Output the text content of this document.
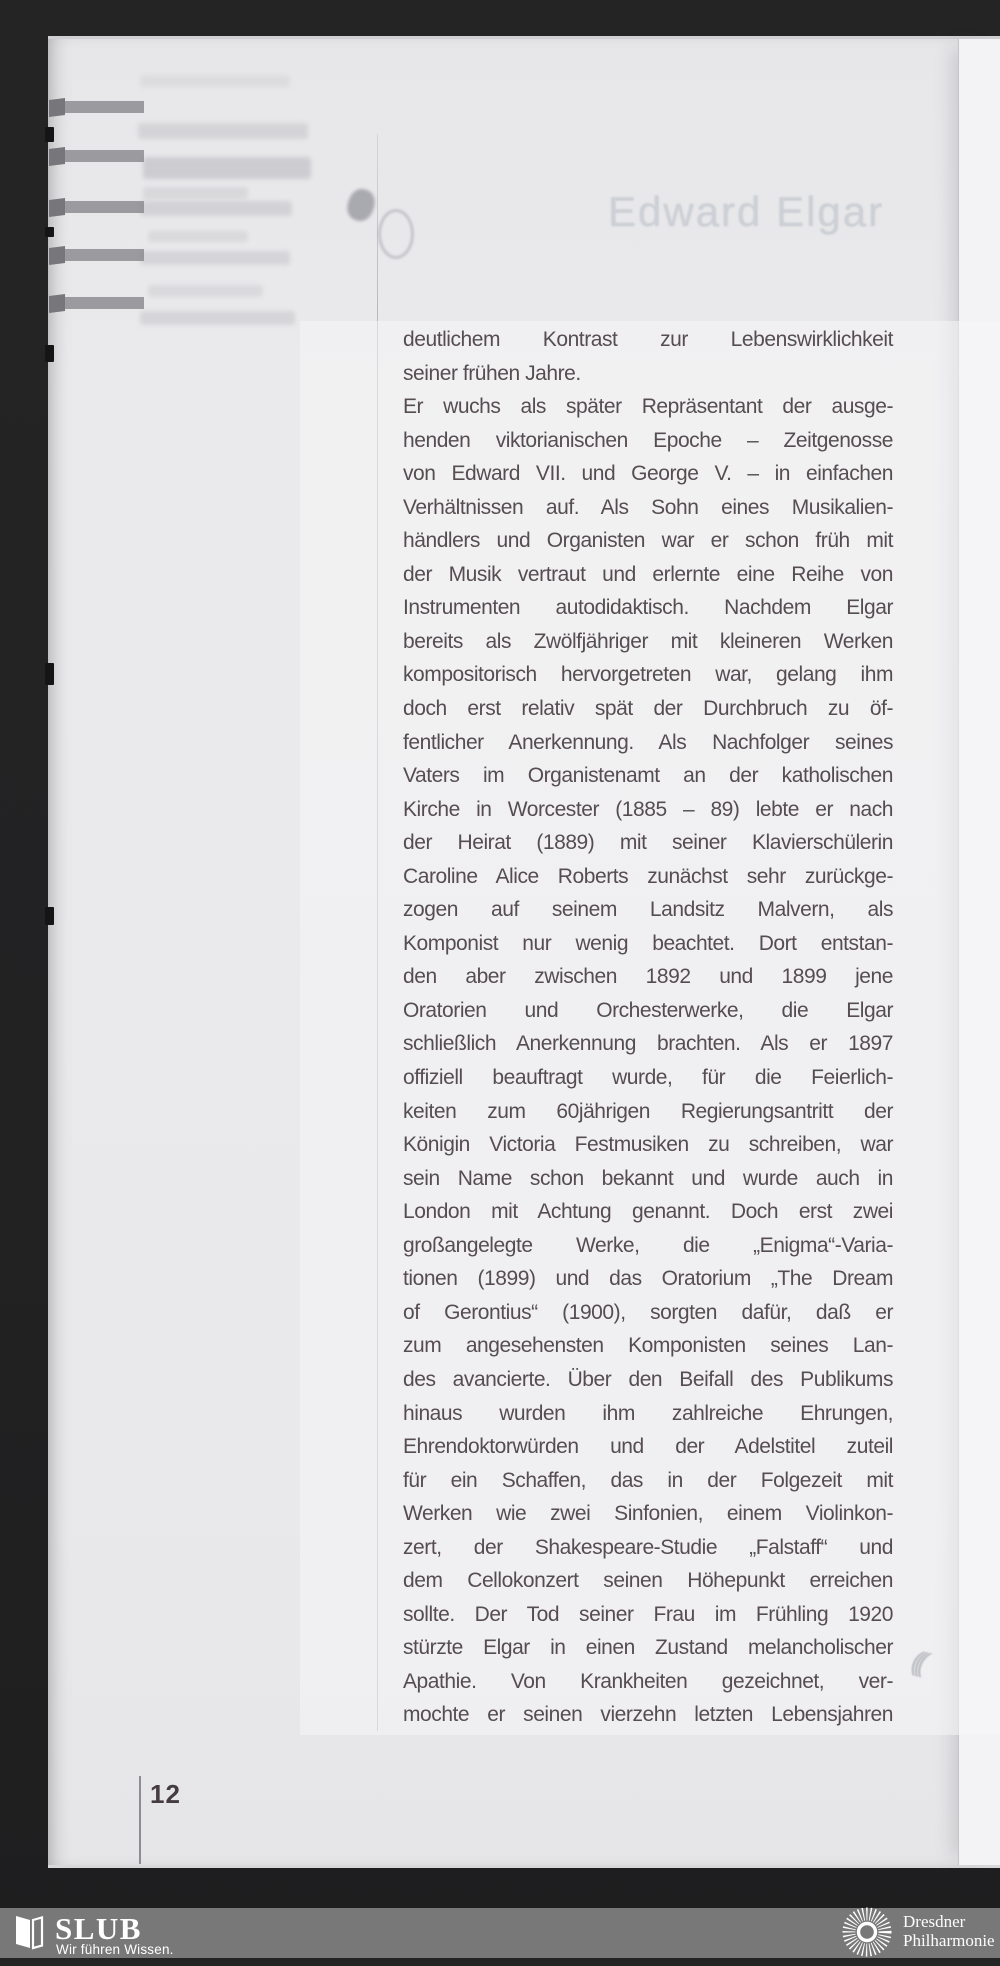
Edward Elgar
deutlichem Kontrast zur Lebenswirklichkeit
seiner frühen Jahre.
Er wuchs als später Repräsentant der ausge-
henden viktorianischen Epoche – Zeitgenosse
von Edward VII. und George V. – in einfachen
Verhältnissen auf. Als Sohn eines Musikalien-
händlers und Organisten war er schon früh mit
der Musik vertraut und erlernte eine Reihe von
Instrumenten autodidaktisch. Nachdem Elgar
bereits als Zwölfjähriger mit kleineren Werken
kompositorisch hervorgetreten war, gelang ihm
doch erst relativ spät der Durchbruch zu öf-
fentlicher Anerkennung. Als Nachfolger seines
Vaters im Organistenamt an der katholischen
Kirche in Worcester (1885 – 89) lebte er nach
der Heirat (1889) mit seiner Klavierschülerin
Caroline Alice Roberts zunächst sehr zurückge-
zogen auf seinem Landsitz Malvern, als
Komponist nur wenig beachtet. Dort entstan-
den aber zwischen 1892 und 1899 jene
Oratorien und Orchesterwerke, die Elgar
schließlich Anerkennung brachten. Als er 1897
offiziell beauftragt wurde, für die Feierlich-
keiten zum 60jährigen Regierungsantritt der
Königin Victoria Festmusiken zu schreiben, war
sein Name schon bekannt und wurde auch in
London mit Achtung genannt. Doch erst zwei
großangelegte Werke, die „Enigma“-Varia-
tionen (1899) und das Oratorium „The Dream
of Gerontius“ (1900), sorgten dafür, daß er
zum angesehensten Komponisten seines Lan-
des avancierte. Über den Beifall des Publikums
hinaus wurden ihm zahlreiche Ehrungen,
Ehrendoktorwürden und der Adelstitel zuteil
für ein Schaffen, das in der Folgezeit mit
Werken wie zwei Sinfonien, einem Violinkon-
zert, der Shakespeare-Studie „Falstaff“ und
dem Cellokonzert seinen Höhepunkt erreichen
sollte. Der Tod seiner Frau im Frühling 1920
stürzte Elgar in einen Zustand melancholischer
Apathie. Von Krankheiten gezeichnet, ver-
mochte er seinen vierzehn letzten Lebensjahren
12
(((
SLUB
Wir führen Wissen.
Dresdner
Philharmonie
